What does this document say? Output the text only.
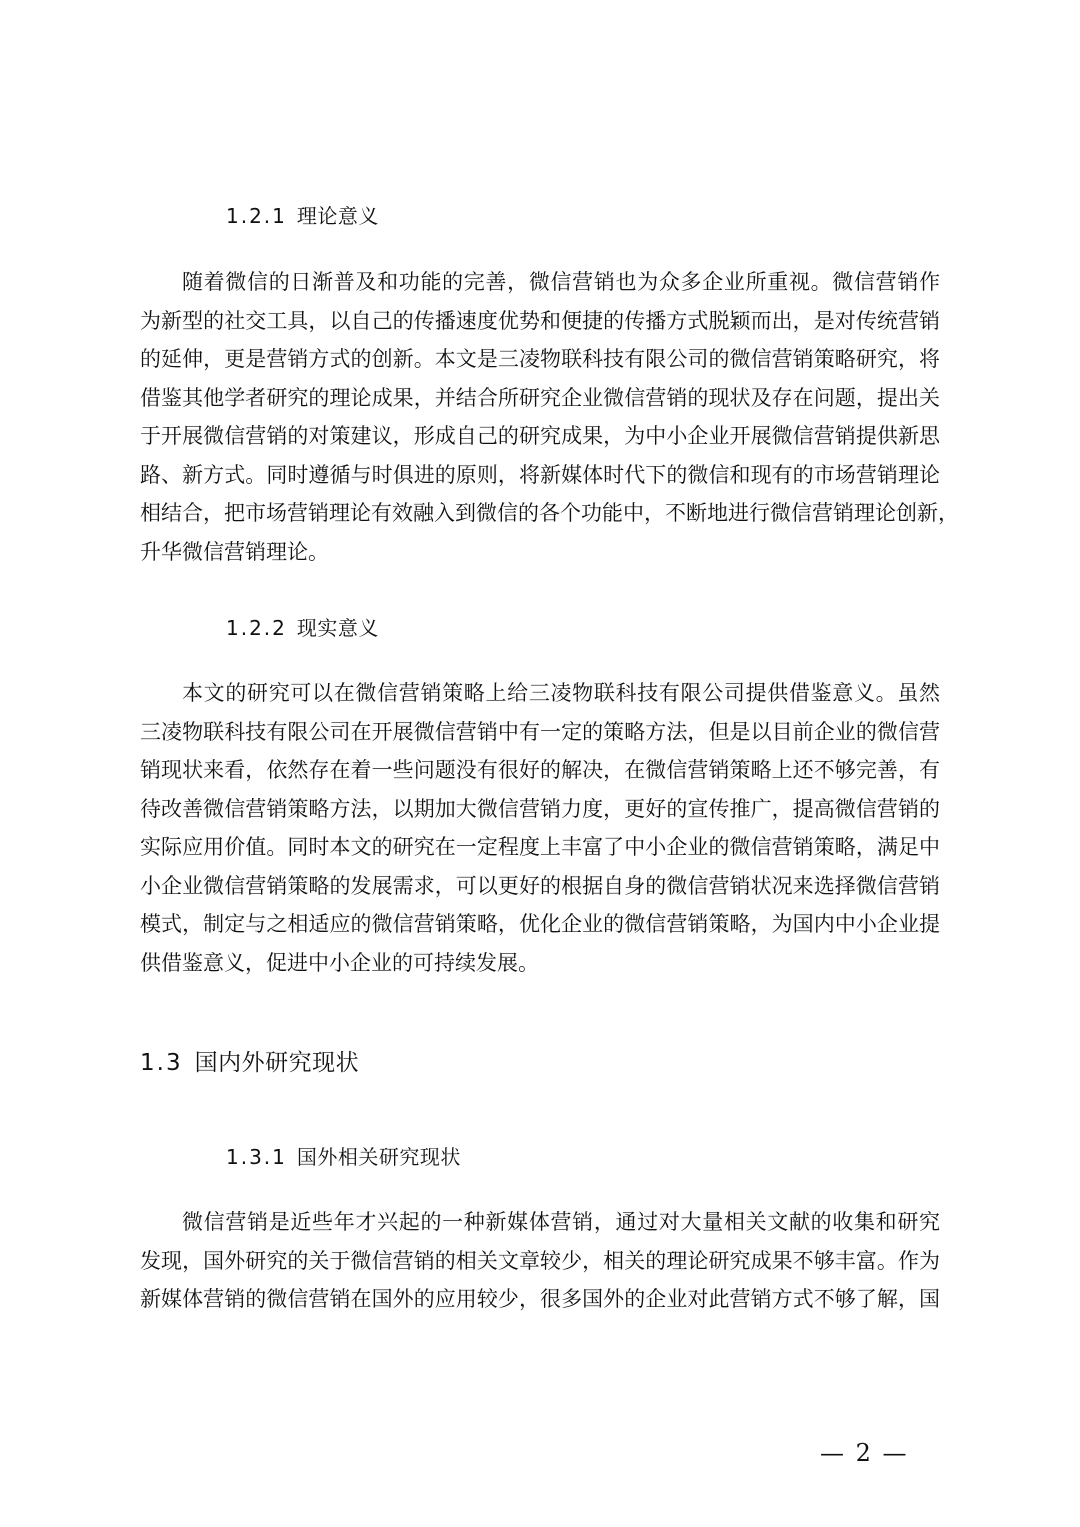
1.2.1 理论意义
随着微信的日渐普及和功能的完善，微信营销也为众多企业所重视。微信营销作
为新型的社交工具，以自己的传播速度优势和便捷的传播方式脱颖而出，是对传统营销
的延伸，更是营销方式的创新。本文是三凌物联科技有限公司的微信营销策略研究，将
借鉴其他学者研究的理论成果，并结合所研究企业微信营销的现状及存在问题，提出关
于开展微信营销的对策建议，形成自己的研究成果，为中小企业开展微信营销提供新思
路、新方式。同时遵循与时俱进的原则，将新媒体时代下的微信和现有的市场营销理论
相结合，把市场营销理论有效融入到微信的各个功能中，不断地进行微信营销理论创新，
升华微信营销理论。
1.2.2 现实意义
本文的研究可以在微信营销策略上给三凌物联科技有限公司提供借鉴意义。虽然
三凌物联科技有限公司在开展微信营销中有一定的策略方法，但是以目前企业的微信营
销现状来看，依然存在着一些问题没有很好的解决，在微信营销策略上还不够完善，有
待改善微信营销策略方法，以期加大微信营销力度，更好的宣传推广，提高微信营销的
实际应用价值。同时本文的研究在一定程度上丰富了中小企业的微信营销策略，满足中
小企业微信营销策略的发展需求，可以更好的根据自身的微信营销状况来选择微信营销
模式，制定与之相适应的微信营销策略，优化企业的微信营销策略，为国内中小企业提
供借鉴意义，促进中小企业的可持续发展。
1.3 国内外研究现状
1.3.1 国外相关研究现状
微信营销是近些年才兴起的一种新媒体营销，通过对大量相关文献的收集和研究
发现，国外研究的关于微信营销的相关文章较少，相关的理论研究成果不够丰富。作为
新媒体营销的微信营销在国外的应用较少，很多国外的企业对此营销方式不够了解，国
— 2 —
